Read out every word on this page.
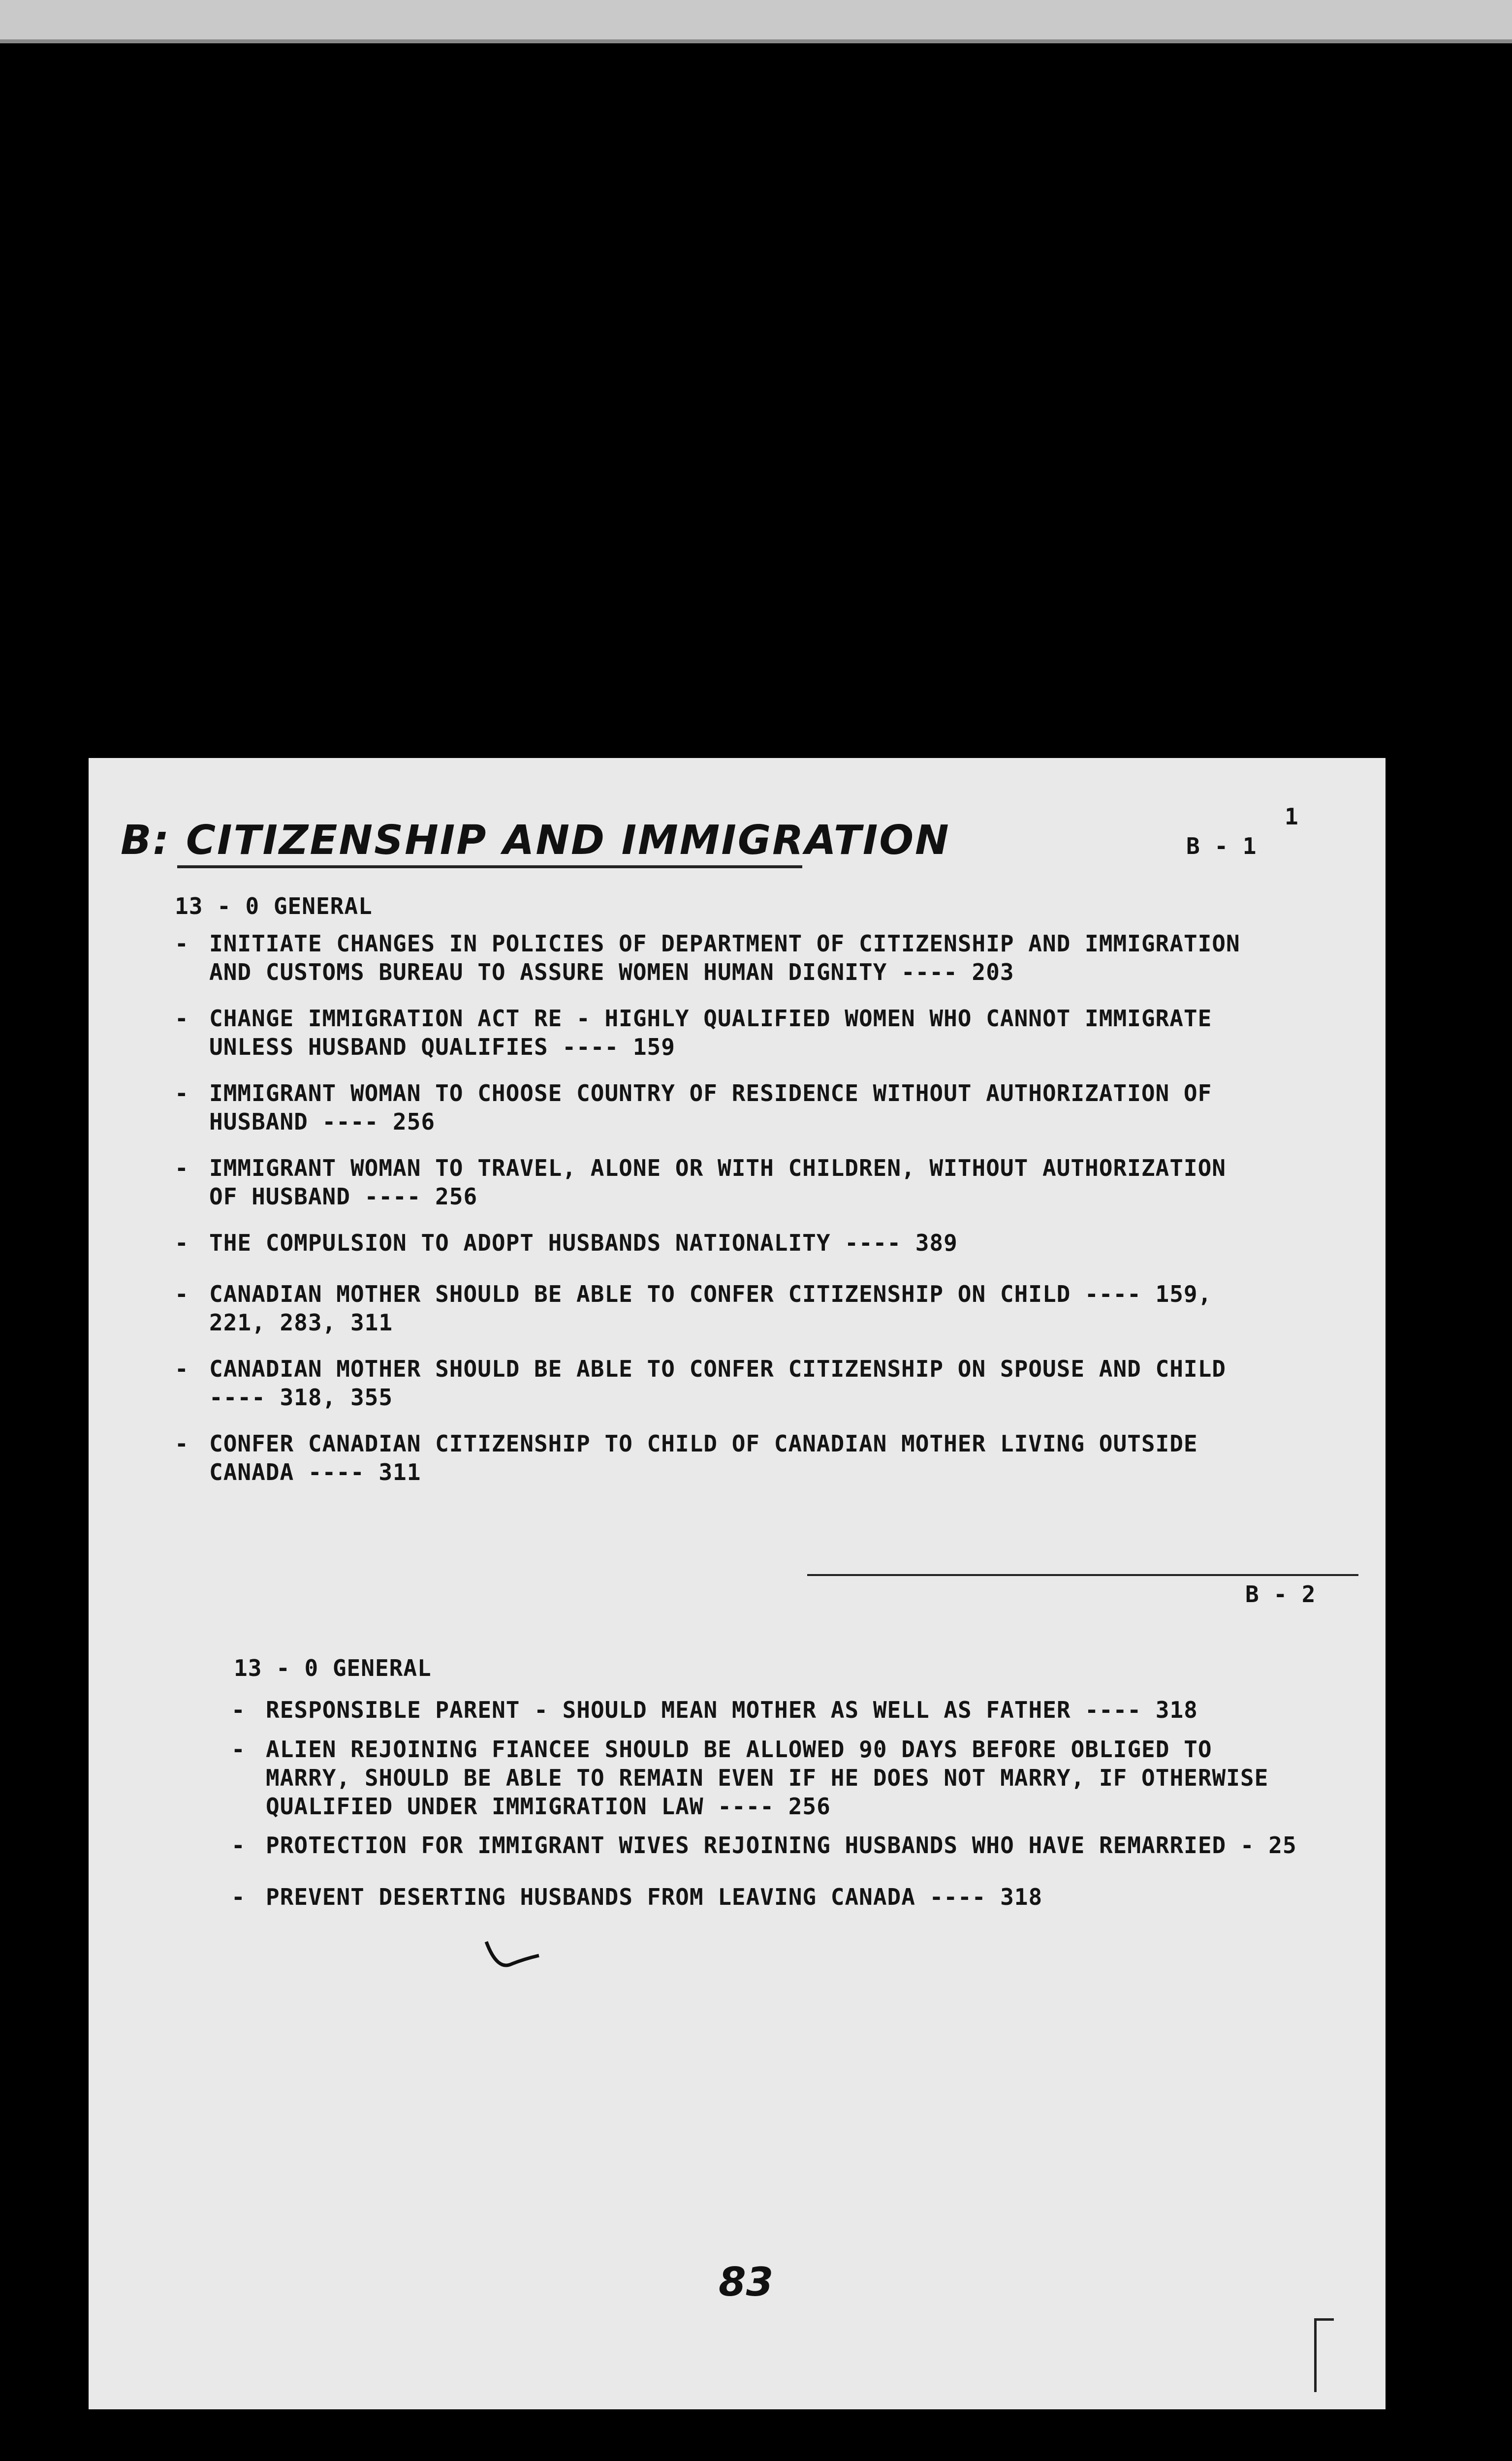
B: CITIZENSHIP AND IMMIGRATION	B - 1
1
13 - 0 GENERAL
- INITIATE CHANGES IN POLICIES OF DEPARTMENT OF CITIZENSHIP AND IMMIGRATION
AND CUSTOMS BUREAU TO ASSURE WOMEN HUMAN DIGNITY ---- 203
- CHANGE IMMIGRATION ACT RE - HIGHLY QUALIFIED WOMEN WHO CANNOT IMMIGRATE
UNLESS HUSBAND QUALIFIES ---- 159
- IMMIGRANT WOMAN TO CHOOSE COUNTRY OF RESIDENCE WITHOUT AUTHORIZATION OF
HUSBAND ---- 256
- IMMIGRANT WOMAN TO TRAVEL, ALONE OR WITH CHILDREN, WITHOUT AUTHORIZATION
OF HUSBAND ---- 256
- THE COMPULSION TO ADOPT HUSBANDS NATIONALITY ---- 389
- CANADIAN MOTHER SHOULD BE ABLE TO CONFER CITIZENSHIP ON CHILD ---- 159,
221, 283, 311
- CANADIAN MOTHER SHOULD BE ABLE TO CONFER CITIZENSHIP ON SPOUSE AND CHILD
---- 318, 355
- CONFER CANADIAN CITIZENSHIP TO CHILD OF CANADIAN MOTHER LIVING OUTSIDE
CANADA ---- 311
B - 2
13 - 0 GENERAL
- RESPONSIBLE PARENT - SHOULD MEAN MOTHER AS WELL AS FATHER ---- 318
- ALIEN REJOINING FIANCEE SHOULD BE ALLOWED 90 DAYS BEFORE OBLIGED TO
MARRY, SHOULD BE ABLE TO REMAIN EVEN IF HE DOES NOT MARRY, IF OTHERWISE
QUALIFIED UNDER IMMIGRATION LAW ---- 256
- PROTECTION FOR IMMIGRANT WIVES REJOINING HUSBANDS WHO HAVE REMARRIED - 25
- PREVENT DESERTING HUSBANDS FROM LEAVING CANADA ---- 318
83
